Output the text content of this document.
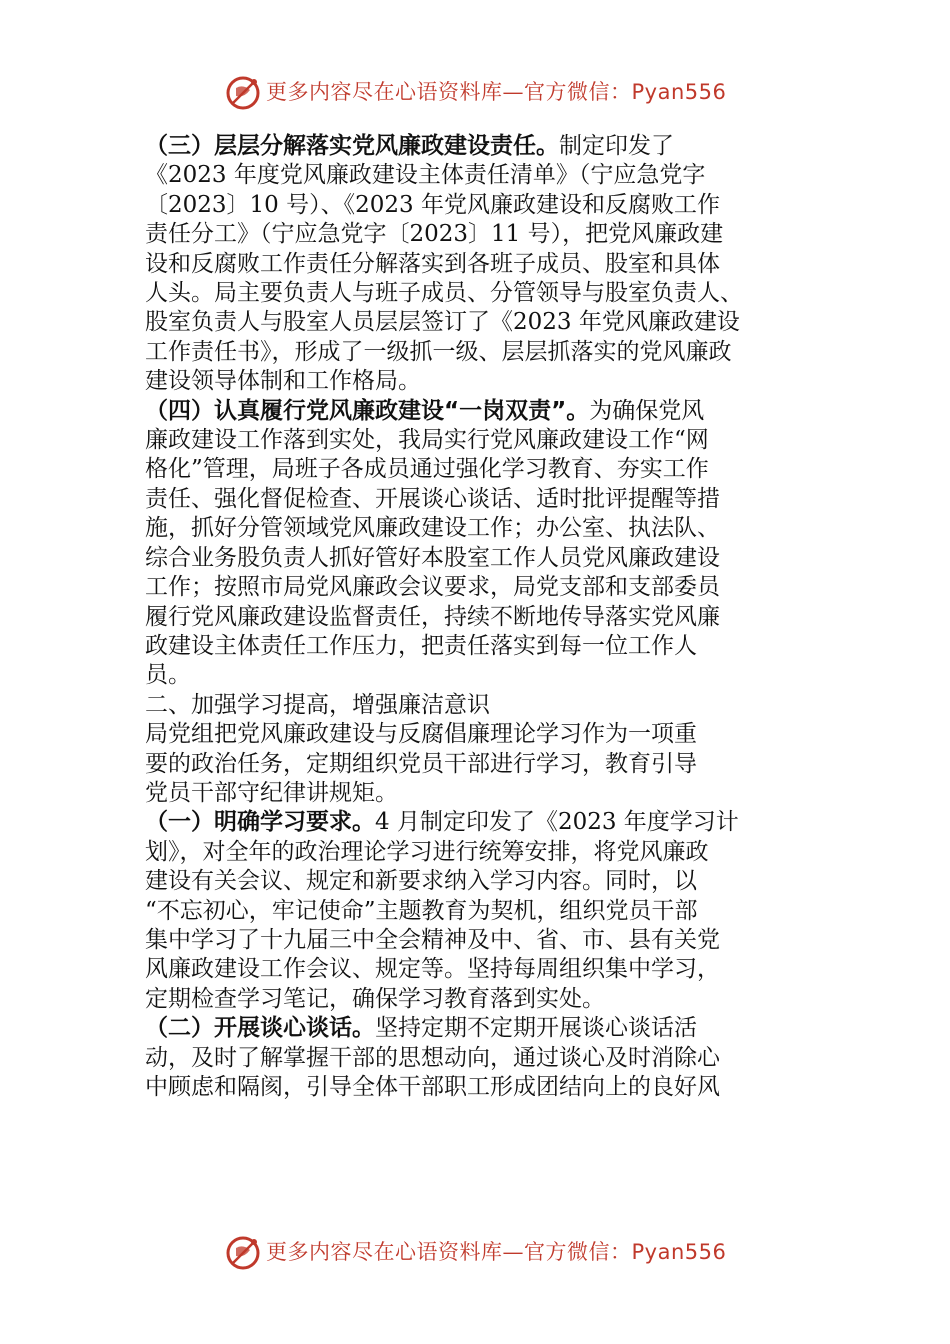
更多内容尽在心语资料库—官方微信：Pyan556

（三）层层分解落实党风廉政建设责任。制定印发了
《2023 年度党风廉政建设主体责任清单》（宁应急党字
〔2023〕10 号）、《2023 年党风廉政建设和反腐败工作
责任分工》（宁应急党字〔2023〕11 号），把党风廉政建
设和反腐败工作责任分解落实到各班子成员、股室和具体
人头。局主要负责人与班子成员、分管领导与股室负责人、
股室负责人与股室人员层层签订了《2023 年党风廉政建设
工作责任书》，形成了一级抓一级、层层抓落实的党风廉政
建设领导体制和工作格局。

（四）认真履行党风廉政建设“一岗双责”。为确保党风
廉政建设工作落到实处，我局实行党风廉政建设工作“网
格化”管理，局班子各成员通过强化学习教育、夯实工作
责任、强化督促检查、开展谈心谈话、适时批评提醒等措
施，抓好分管领域党风廉政建设工作；办公室、执法队、
综合业务股负责人抓好管好本股室工作人员党风廉政建设
工作；按照市局党风廉政会议要求，局党支部和支部委员
履行党风廉政建设监督责任，持续不断地传导落实党风廉
政建设主体责任工作压力，把责任落实到每一位工作人
员。

二、加强学习提高，增强廉洁意识

局党组把党风廉政建设与反腐倡廉理论学习作为一项重
要的政治任务，定期组织党员干部进行学习，教育引导
党员干部守纪律讲规矩。

（一）明确学习要求。4 月制定印发了《2023 年度学习计
划》，对全年的政治理论学习进行统筹安排，将党风廉政
建设有关会议、规定和新要求纳入学习内容。同时，以
“不忘初心，牢记使命”主题教育为契机，组织党员干部
集中学习了十九届三中全会精神及中、省、市、县有关党
风廉政建设工作会议、规定等。坚持每周组织集中学习，
定期检查学习笔记，确保学习教育落到实处。

（二）开展谈心谈话。坚持定期不定期开展谈心谈话活
动，及时了解掌握干部的思想动向，通过谈心及时消除心
中顾虑和隔阂，引导全体干部职工形成团结向上的良好风

更多内容尽在心语资料库—官方微信：Pyan556
